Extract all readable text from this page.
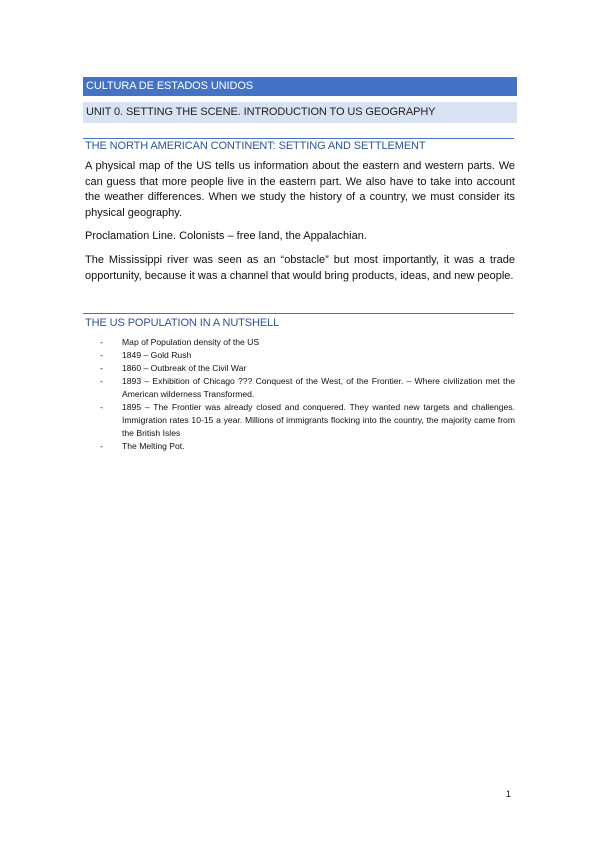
CULTURA DE ESTADOS UNIDOS
UNIT 0. SETTING THE SCENE. INTRODUCTION TO US GEOGRAPHY
THE NORTH AMERICAN CONTINENT: SETTING AND SETTLEMENT
A physical map of the US tells us information about the eastern and western parts. We can guess that more people live in the eastern part. We also have to take into account the weather differences. When we study the history of a country, we must consider its physical geography.
Proclamation Line. Colonists – free land, the Appalachian.
The Mississippi river was seen as an “obstacle” but most importantly, it was a trade opportunity, because it was a channel that would bring products, ideas, and new people.
THE US POPULATION IN A NUTSHELL
- Map of Population density of the US
- 1849 – Gold Rush
- 1860 – Outbreak of the Civil War
- 1893 – Exhibition of Chicago ??? Conquest of the West, of the Frontier. – Where civilization met the American wilderness Transformed.
- 1895 – The Frontier was already closed and conquered. They wanted new targets and challenges. Immigration rates 10-15 a year. Millions of immigrants flocking into the country, the majority came from the British Isles
- The Melting Pot.
1
